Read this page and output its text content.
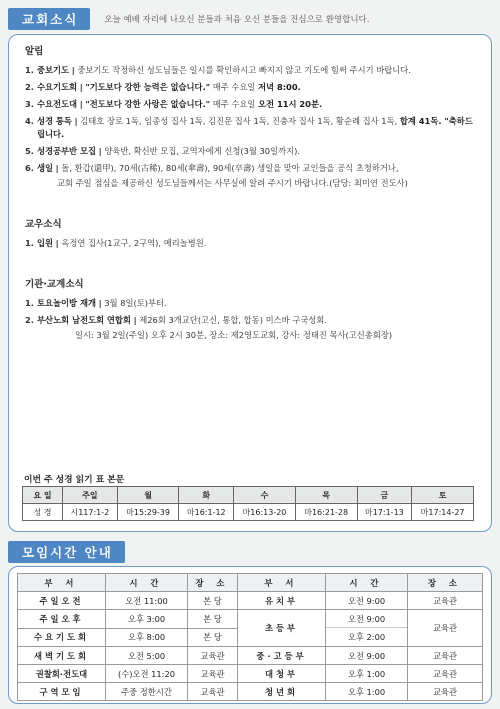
교회소식	오늘 예배 자리에 나오신 분들과 처음 오신 분들을 진심으로 환영합니다.
알림
1. 중보기도 | 중보기도 작정하신 성도님들은 일시를 확인하시고 빠지지 않고 기도에 힘써 주시기 바랍니다.
2. 수요기도회 | "기도보다 강한 능력은 없습니다." 매주 수요일 저녁 8:00.
3. 수요전도대 | "전도보다 강한 사랑은 없습니다." 매주 수요일 오전 11시 20분.
4. 성경 통독 | 김태호 장로 1독, 임종성 집사 1독, 김진문 집사 1독, 진충자 집사 1독, 황순례 집사 1독, 합계 41독. "축하드립니다.
5. 성경공부반 모집 | 양육반, 확신반 모집, 교역자에게 신청(3월 30일까지).
6. 생일 | 돌, 환갑(還甲), 70세(古稀), 80세(傘壽), 90세(卒壽) 생일을 맞아 교인들을 공식 초청하거나,
교회 주일 점심을 제공하신 성도님들께서는 사무실에 알려 주시기 바랍니다.(담당: 최미연 전도사)
교우소식
1. 입원 | 옥정연 집사(1교구, 2구역), 메리놀병원.
기관·교계소식
1. 토요놀이방 재개 | 3월 8일(토)부터.
2. 부산노회 남전도회 연합회 | 제26회 3개교단(고신, 통합, 합동) 미스바 구국성회.
일시: 3월 2일(주일) 오후 2시 30분, 장소: 제2영도교회, 강사: 정태진 목사(고신총회장)
이번 주 성경 읽기 표 본문
요 일	주일	월	화	수	목	금	토
성 경	시117:1-2	마15:29-39	마16:1-12	마16:13-20	마16:21-28	마17:1-13	마17:14-27
모임시간 안내
부 서	시 간	장 소	부 서	시 간	장 소
주일오전	오전 11:00	본 당	유치부	오전 9:00	교육관
주일오후	오후 3:00	본 당	초등부	오전 9:00
오후 2:00	교육관
수요기도회	오후 8:00	본 당			
새벽기도회	오전 5:00	교육관	중·고등부	오전 9:00	교육관
권찰회·전도대	(수)오전 11:20	교육관	대청부	오후 1:00	교육관
구역모임	주중 정한시간	교육관	청년회	오후 1:00	교육관
